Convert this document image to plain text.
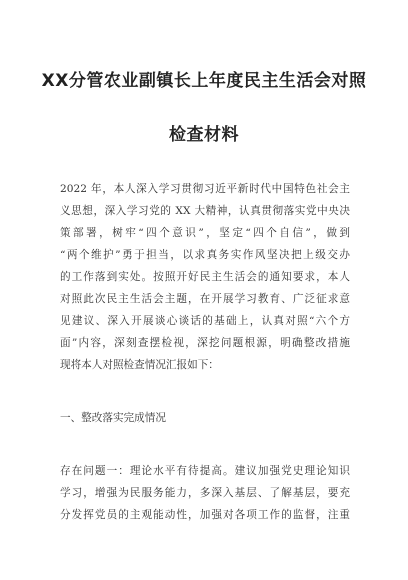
XX分管农业副镇长上年度民主生活会对照
检查材料
2022 年，本人深入学习贯彻习近平新时代中国特色社会主
义思想，深入学习党的 XX 大精神，认真贯彻落实党中央决
策部署，树牢“四个意识”，坚定“四个自信”，做到
“两个维护”勇于担当，以求真务实作风坚决把上级交办
的工作落到实处。按照开好民主生活会的通知要求，本人
对照此次民主生活会主题，在开展学习教育、广泛征求意
见建议、深入开展谈心谈话的基础上，认真对照“六个方
面”内容，深刻查摆检视，深挖问题根源，明确整改措施
现将本人对照检查情况汇报如下：
一、整改落实完成情况
存在问题一：理论水平有待提高。建议加强党史理论知识
学习，增强为民服务能力，多深入基层、了解基层，要充
分发挥党员的主观能动性，加强对各项工作的监督，注重
